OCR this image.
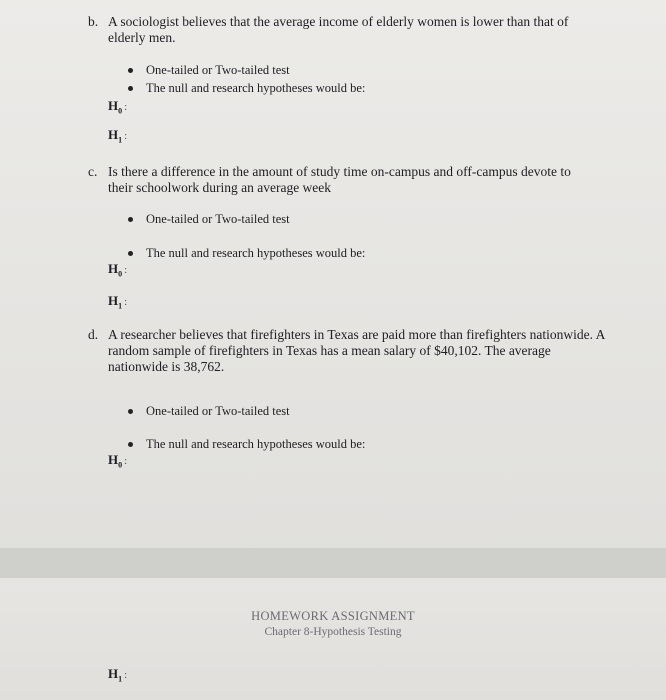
b. A sociologist believes that the average income of elderly women is lower than that of elderly men.
One-tailed or Two-tailed test
The null and research hypotheses would be:
$H_0$ :
$H_1$ :
c. Is there a difference in the amount of study time on-campus and off-campus devote to their schoolwork during an average week
One-tailed or Two-tailed test
The null and research hypotheses would be:
$H_0$ :
$H_1$ :
d. A researcher believes that firefighters in Texas are paid more than firefighters nationwide. A random sample of firefighters in Texas has a mean salary of $40,102. The average nationwide is 38,762.
One-tailed or Two-tailed test
The null and research hypotheses would be:
$H_0$ :
HOMEWORK ASSIGNMENT
Chapter 8-Hypothesis Testing
$H_1$ :
